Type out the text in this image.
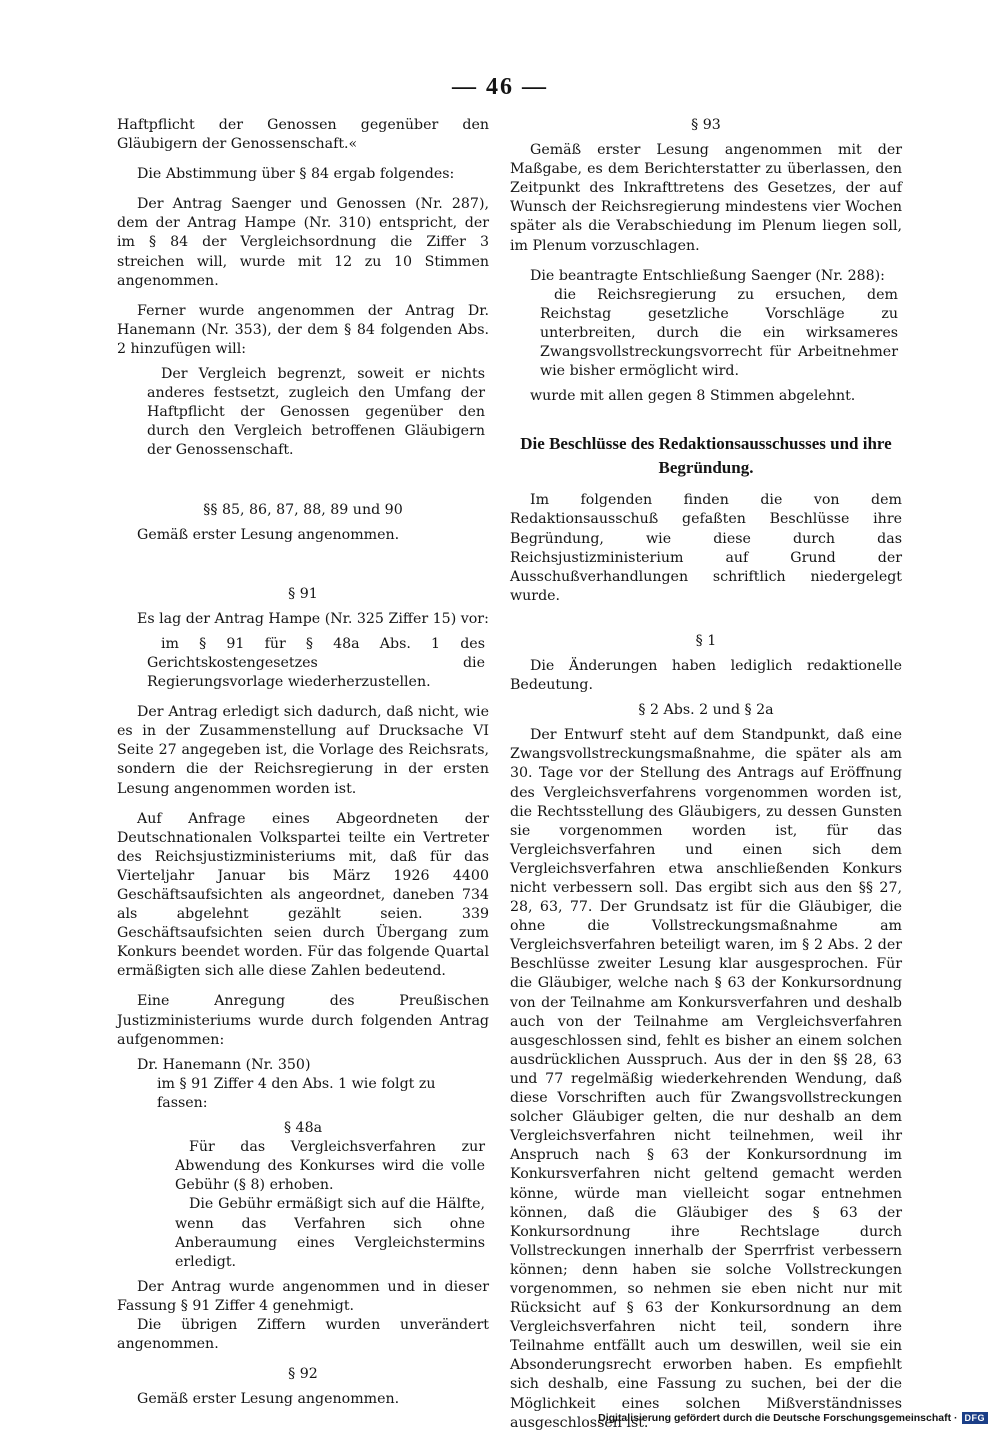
— 46 —

Haftpflicht der Genossen gegenüber den Gläubigern der Genossenschaft.«

Die Abstimmung über § 84 ergab folgendes:

Der Antrag Saenger und Genossen (Nr. 287), dem der Antrag Hampe (Nr. 310) entspricht, der im § 84 der Vergleichsordnung die Ziffer 3 streichen will, wurde mit 12 zu 10 Stimmen angenommen.

Ferner wurde angenommen der Antrag Dr. Hanemann (Nr. 353), der dem § 84 folgenden Abs. 2 hinzufügen will:

Der Vergleich begrenzt, soweit er nichts anderes festsetzt, zugleich den Umfang der Haftpflicht der Genossen gegenüber den durch den Vergleich betroffenen Gläubigern der Genossenschaft.

§§ 85, 86, 87, 88, 89 und 90

Gemäß erster Lesung angenommen.

§ 91

Es lag der Antrag Hampe (Nr. 325 Ziffer 15) vor:

im § 91 für § 48a Abs. 1 des Gerichtskostengesetzes die Regierungsvorlage wiederherzustellen.

Der Antrag erledigt sich dadurch, daß nicht, wie es in der Zusammenstellung auf Drucksache VI Seite 27 angegeben ist, die Vorlage des Reichsrats, sondern die der Reichsregierung in der ersten Lesung angenommen worden ist.

Auf Anfrage eines Abgeordneten der Deutschnationalen Volkspartei teilte ein Vertreter des Reichsjustizministeriums mit, daß für das Vierteljahr Januar bis März 1926 4400 Geschäftsaufsichten als angeordnet, daneben 734 als abgelehnt gezählt seien. 339 Geschäftsaufsichten seien durch Übergang zum Konkurs beendet worden. Für das folgende Quartal ermäßigten sich alle diese Zahlen bedeutend.

Eine Anregung des Preußischen Justizministeriums wurde durch folgenden Antrag aufgenommen:

Dr. Hanemann (Nr. 350)

im § 91 Ziffer 4 den Abs. 1 wie folgt zu fassen:

§ 48a

Für das Vergleichsverfahren zur Abwendung des Konkurses wird die volle Gebühr (§ 8) erhoben.

Die Gebühr ermäßigt sich auf die Hälfte, wenn das Verfahren sich ohne Anberaumung eines Vergleichstermins erledigt.

Der Antrag wurde angenommen und in dieser Fassung § 91 Ziffer 4 genehmigt.

Die übrigen Ziffern wurden unverändert angenommen.

§ 92

Gemäß erster Lesung angenommen.

§ 93

Gemäß erster Lesung angenommen mit der Maßgabe, es dem Berichterstatter zu überlassen, den Zeitpunkt des Inkrafttretens des Gesetzes, der auf Wunsch der Reichsregierung mindestens vier Wochen später als die Verabschiedung im Plenum liegen soll, im Plenum vorzuschlagen.

Die beantragte Entschließung Saenger (Nr. 288):

die Reichsregierung zu ersuchen, dem Reichstag gesetzliche Vorschläge zu unterbreiten, durch die ein wirksameres Zwangsvollstreckungsvorrecht für Arbeitnehmer wie bisher ermöglicht wird.

wurde mit allen gegen 8 Stimmen abgelehnt.

Die Beschlüsse des Redaktionsausschusses und ihre Begründung.

Im folgenden finden die von dem Redaktionsausschuß gefaßten Beschlüsse ihre Begründung, wie diese durch das Reichsjustizministerium auf Grund der Ausschußverhandlungen schriftlich niedergelegt wurde.

§ 1

Die Änderungen haben lediglich redaktionelle Bedeutung.

§ 2 Abs. 2 und § 2a

Der Entwurf steht auf dem Standpunkt, daß eine Zwangsvollstreckungsmaßnahme, die später als am 30. Tage vor der Stellung des Antrags auf Eröffnung des Vergleichsverfahrens vorgenommen worden ist, die Rechtsstellung des Gläubigers, zu dessen Gunsten sie vorgenommen worden ist, für das Vergleichsverfahren und einen sich dem Vergleichsverfahren etwa anschließenden Konkurs nicht verbessern soll. Das ergibt sich aus den §§ 27, 28, 63, 77. Der Grundsatz ist für die Gläubiger, die ohne die Vollstreckungsmaßnahme am Vergleichsverfahren beteiligt waren, im § 2 Abs. 2 der Beschlüsse zweiter Lesung klar ausgesprochen. Für die Gläubiger, welche nach § 63 der Konkursordnung von der Teilnahme am Konkursverfahren und deshalb auch von der Teilnahme am Vergleichsverfahren ausgeschlossen sind, fehlt es bisher an einem solchen ausdrücklichen Ausspruch. Aus der in den §§ 28, 63 und 77 regelmäßig wiederkehrenden Wendung, daß diese Vorschriften auch für Zwangsvollstreckungen solcher Gläubiger gelten, die nur deshalb an dem Vergleichsverfahren nicht teilnehmen, weil ihr Anspruch nach § 63 der Konkursordnung im Konkursverfahren nicht geltend gemacht werden könne, würde man vielleicht sogar entnehmen können, daß die Gläubiger des § 63 der Konkursordnung ihre Rechtslage durch Vollstreckungen innerhalb der Sperrfrist verbessern können; denn haben sie solche Vollstreckungen vorgenommen, so nehmen sie eben nicht nur mit Rücksicht auf § 63 der Konkursordnung an dem Vergleichsverfahren nicht teil, sondern ihre Teilnahme entfällt auch um deswillen, weil sie ein Absonderungsrecht erworben haben. Es empfiehlt sich deshalb, eine Fassung zu suchen, bei der die Möglichkeit eines solchen Mißverständnisses ausgeschlossen ist.

Digitalisierung gefördert durch die Deutsche Forschungsgemeinschaft · DFG
